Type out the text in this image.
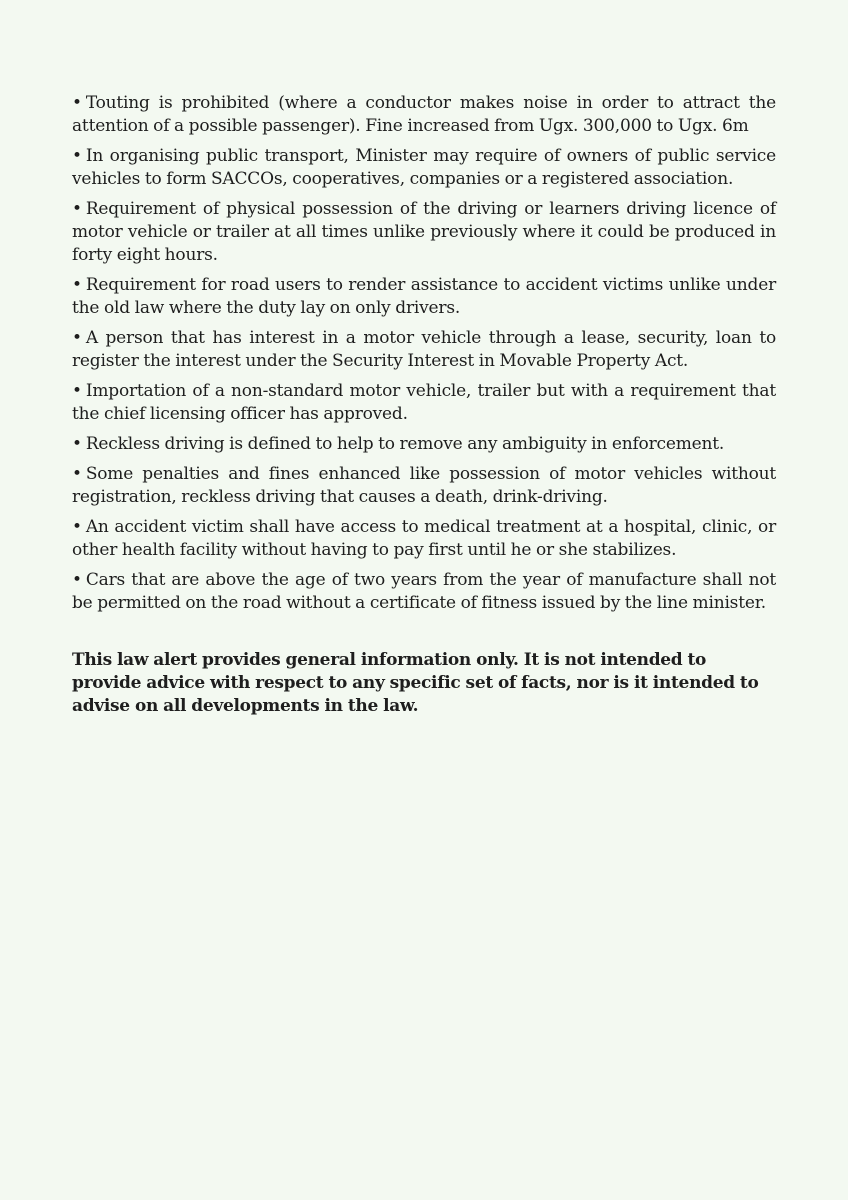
• Touting is prohibited (where a conductor makes noise in order to attract the attention of a possible passenger). Fine increased from Ugx. 300,000 to Ugx. 6m
• In organising public transport, Minister may require of owners of public service vehicles to form SACCOs, cooperatives, companies or a registered association.
• Requirement of physical possession of the driving or learners driving licence of motor vehicle or trailer at all times unlike previously where it could be produced in forty eight hours.
• Requirement for road users to render assistance to accident victims unlike under the old law where the duty lay on only drivers.
• A person that has interest in a motor vehicle through a lease, security, loan to register the interest under the Security Interest in Movable Property Act.
• Importation of a non-standard motor vehicle, trailer but with a requirement that the chief licensing officer has approved.
• Reckless driving is defined to help to remove any ambiguity in enforcement.
• Some penalties and fines enhanced like possession of motor vehicles without registration, reckless driving that causes a death, drink-driving.
• An accident victim shall have access to medical treatment at a hospital, clinic, or other health facility without having to pay first until he or she stabilizes.
• Cars that are above the age of two years from the year of manufacture shall not be permitted on the road without a certificate of fitness issued by the line minister.

This law alert provides general information only. It is not intended to provide advice with respect to any specific set of facts, nor is it intended to advise on all developments in the law.
